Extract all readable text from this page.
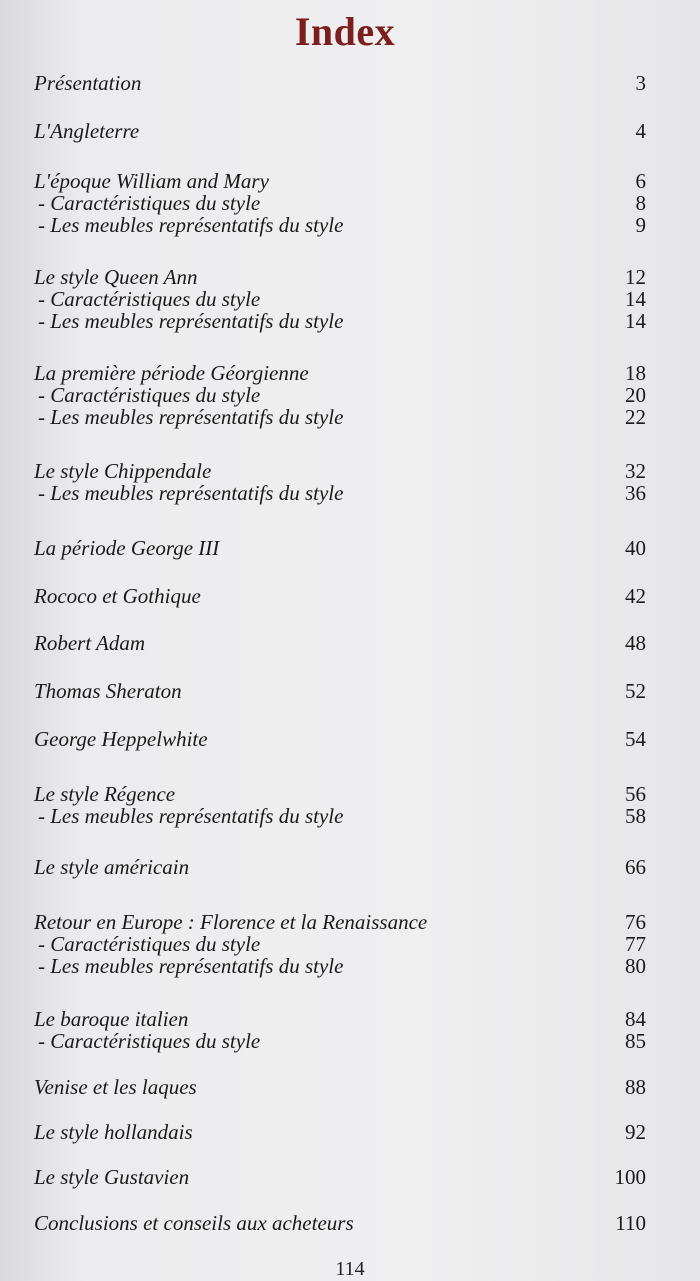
Index
Présentation	3
L'Angleterre	4
L'époque William and Mary	6
- Caractéristiques du style	8
- Les meubles représentatifs du style	9
Le style Queen Ann	12
- Caractéristiques du style	14
- Les meubles représentatifs du style	14
La première période Géorgienne	18
- Caractéristiques du style	20
- Les meubles représentatifs du style	22
Le style Chippendale	32
- Les meubles représentatifs du style	36
La période George III	40
Rococo et Gothique	42
Robert Adam	48
Thomas Sheraton	52
George Heppelwhite	54
Le style Régence	56
- Les meubles représentatifs du style	58
Le style américain	66
Retour en Europe : Florence et la Renaissance	76
- Caractéristiques du style	77
- Les meubles représentatifs du style	80
Le baroque italien	84
- Caractéristiques du style	85
Venise et les laques	88
Le style hollandais	92
Le style Gustavien	100
Conclusions et conseils aux acheteurs	110
114
